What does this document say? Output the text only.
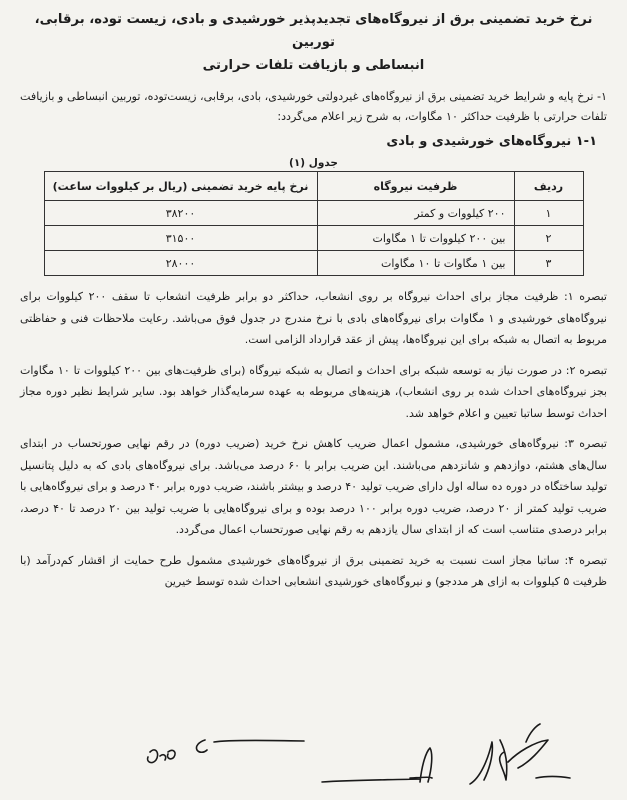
نرخ خرید تضمینی برق از نیروگاه‌های تجدیدپذیر خورشیدی و بادی، زیست توده، برقابی، توربین
انبساطی و بازیافت تلفات حرارتی

۱- نرخ پایه و شرایط خرید تضمینی برق از نیروگاه‌های غیردولتی خورشیدی، بادی، برقابی، زیست‌توده، توربین انبساطی و بازیافت تلفات حرارتی با ظرفیت حداکثر ۱۰ مگاوات، به شرح زیر اعلام می‌گردد:

۱-۱ نیروگاه‌های خورشیدی و بادی
جدول (۱)
ردیف	ظرفیت نیروگاه	نرخ پایه خرید تضمینی (ریال بر کیلووات ساعت)
۱	۲۰۰ کیلووات و کمتر	۳۸۲۰۰
۲	بین ۲۰۰ کیلووات تا ۱ مگاوات	۳۱۵۰۰
۳	بین ۱ مگاوات تا ۱۰ مگاوات	۲۸۰۰۰

تبصره ۱: ظرفیت مجاز برای احداث نیروگاه بر روی انشعاب، حداکثر دو برابر ظرفیت انشعاب تا سقف ۲۰۰ کیلووات برای نیروگاه‌های خورشیدی و ۱ مگاوات برای نیروگاه‌های بادی با نرخ مندرج در جدول فوق می‌باشد. رعایت ملاحظات فنی و حفاظتی مربوط به اتصال به شبکه برای این نیروگاه‌ها، پیش از عقد قرارداد الزامی است.

تبصره ۲: در صورت نیاز به توسعه شبکه برای احداث و اتصال به شبکه نیروگاه (برای ظرفیت‌های بین ۲۰۰ کیلووات تا ۱۰ مگاوات بجز نیروگاه‌های احداث شده بر روی انشعاب)، هزینه‌های مربوطه به عهده سرمایه‌گذار خواهد بود. سایر شرایط نظیر دوره مجاز احداث توسط ساتبا تعیین و اعلام خواهد شد.

تبصره ۳: نیروگاه‌های خورشیدی، مشمول اعمال ضریب کاهش نرخ خرید (ضریب دوره) در رقم نهایی صورتحساب در ابتدای سال‌های هشتم، دوازدهم و شانزدهم می‌باشند. این ضریب برابر با ۶۰ درصد می‌باشد. برای نیروگاه‌های بادی که به دلیل پتانسیل تولید ساختگاه در دوره ده ساله اول دارای ضریب تولید ۴۰ درصد و بیشتر باشند، ضریب دوره برابر ۴۰ درصد و برای نیروگاه‌هایی با ضریب تولید کمتر از ۲۰ درصد، ضریب دوره برابر ۱۰۰ درصد بوده و برای نیروگاه‌هایی با ضریب تولید بین ۲۰ درصد تا ۴۰ درصد، برابر درصدی متناسب است که از ابتدای سال یازدهم به رقم نهایی صورتحساب اعمال می‌گردد.

تبصره ۴: ساتبا مجاز است نسبت به خرید تضمینی برق از نیروگاه‌های خورشیدی مشمول طرح حمایت از اقشار کم‌درآمد (با ظرفیت ۵ کیلووات به ازای هر مددجو) و نیروگاه‌های خورشیدی انشعابی احداث شده توسط خیرین
